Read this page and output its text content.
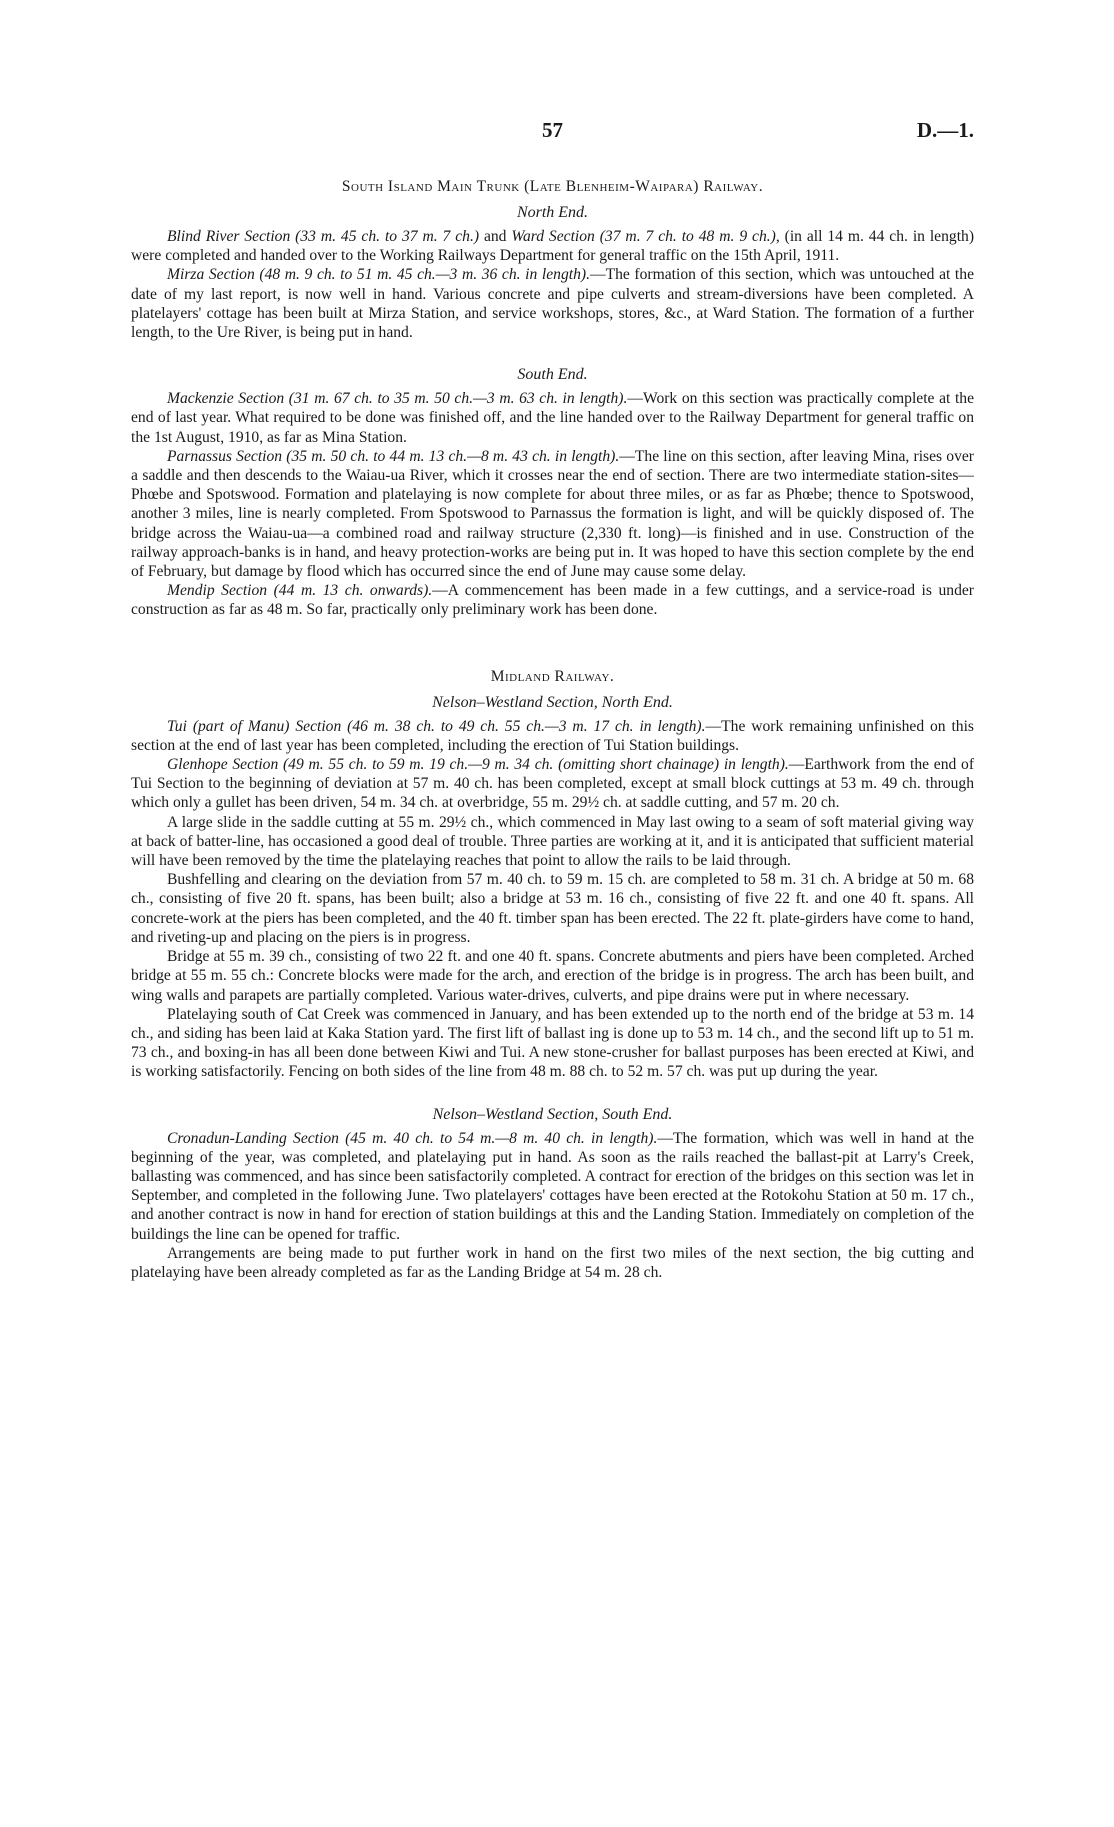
57	D.—1.
South Island Main Trunk (Late Blenheim-Waipara) Railway.
North End.

Blind River Section (33 m. 45 ch. to 37 m. 7 ch.) and Ward Section (37 m. 7 ch. to 48 m. 9 ch.), (in all 14 m. 44 ch. in length) were completed and handed over to the Working Railways Department for general traffic on the 15th April, 1911.

Mirza Section (48 m. 9 ch. to 51 m. 45 ch.—3 m. 36 ch. in length).—The formation of this section, which was untouched at the date of my last report, is now well in hand. Various concrete and pipe culverts and stream-diversions have been completed. A platelayers' cottage has been built at Mirza Station, and service workshops, stores, &c., at Ward Station. The formation of a further length, to the Ure River, is being put in hand.

South End.

Mackenzie Section (31 m. 67 ch. to 35 m. 50 ch.—3 m. 63 ch. in length).—Work on this section was practically complete at the end of last year. What required to be done was finished off, and the line handed over to the Railway Department for general traffic on the 1st August, 1910, as far as Mina Station.

Parnassus Section (35 m. 50 ch. to 44 m. 13 ch.—8 m. 43 ch. in length).—The line on this section, after leaving Mina, rises over a saddle and then descends to the Waiau-ua River, which it crosses near the end of section. There are two intermediate station-sites—Phœbe and Spotswood. Formation and platelaying is now complete for about three miles, or as far as Phœbe; thence to Spotswood, another 3 miles, line is nearly completed. From Spotswood to Parnassus the formation is light, and will be quickly disposed of. The bridge across the Waiau-ua—a combined road and railway structure (2,330 ft. long)—is finished and in use. Construction of the railway approach-banks is in hand, and heavy protection-works are being put in. It was hoped to have this section complete by the end of February, but damage by flood which has occurred since the end of June may cause some delay.

Mendip Section (44 m. 13 ch. onwards).—A commencement has been made in a few cuttings, and a service-road is under construction as far as 48 m. So far, practically only preliminary work has been done.

Midland Railway.
Nelson–Westland Section, North End.

Tui (part of Manu) Section (46 m. 38 ch. to 49 ch. 55 ch.—3 m. 17 ch. in length).—The work remaining unfinished on this section at the end of last year has been completed, including the erection of Tui Station buildings.

Glenhope Section (49 m. 55 ch. to 59 m. 19 ch.—9 m. 34 ch. (omitting short chainage) in length).—Earthwork from the end of Tui Section to the beginning of deviation at 57 m. 40 ch. has been completed, except at small block cuttings at 53 m. 49 ch. through which only a gullet has been driven, 54 m. 34 ch. at overbridge, 55 m. 29½ ch. at saddle cutting, and 57 m. 20 ch.

A large slide in the saddle cutting at 55 m. 29½ ch., which commenced in May last owing to a seam of soft material giving way at back of batter-line, has occasioned a good deal of trouble. Three parties are working at it, and it is anticipated that sufficient material will have been removed by the time the platelaying reaches that point to allow the rails to be laid through.

Bushfelling and clearing on the deviation from 57 m. 40 ch. to 59 m. 15 ch. are completed to 58 m. 31 ch. A bridge at 50 m. 68 ch., consisting of five 20 ft. spans, has been built; also a bridge at 53 m. 16 ch., consisting of five 22 ft. and one 40 ft. spans. All concrete-work at the piers has been completed, and the 40 ft. timber span has been erected. The 22 ft. plate-girders have come to hand, and riveting-up and placing on the piers is in progress.

Bridge at 55 m. 39 ch., consisting of two 22 ft. and one 40 ft. spans. Concrete abutments and piers have been completed. Arched bridge at 55 m. 55 ch.: Concrete blocks were made for the arch, and erection of the bridge is in progress. The arch has been built, and wing walls and parapets are partially completed. Various water-drives, culverts, and pipe drains were put in where necessary.

Platelaying south of Cat Creek was commenced in January, and has been extended up to the north end of the bridge at 53 m. 14 ch., and siding has been laid at Kaka Station yard. The first lift of ballast ing is done up to 53 m. 14 ch., and the second lift up to 51 m. 73 ch., and boxing-in has all been done between Kiwi and Tui. A new stone-crusher for ballast purposes has been erected at Kiwi, and is working satisfactorily. Fencing on both sides of the line from 48 m. 88 ch. to 52 m. 57 ch. was put up during the year.

Nelson–Westland Section, South End.

Cronadun-Landing Section (45 m. 40 ch. to 54 m.—8 m. 40 ch. in length).—The formation, which was well in hand at the beginning of the year, was completed, and platelaying put in hand. As soon as the rails reached the ballast-pit at Larry's Creek, ballasting was commenced, and has since been satisfactorily completed. A contract for erection of the bridges on this section was let in September, and completed in the following June. Two platelayers' cottages have been erected at the Rotokohu Station at 50 m. 17 ch., and another contract is now in hand for erection of station buildings at this and the Landing Station. Immediately on completion of the buildings the line can be opened for traffic.

Arrangements are being made to put further work in hand on the first two miles of the next section, the big cutting and platelaying have been already completed as far as the Landing Bridge at 54 m. 28 ch.
